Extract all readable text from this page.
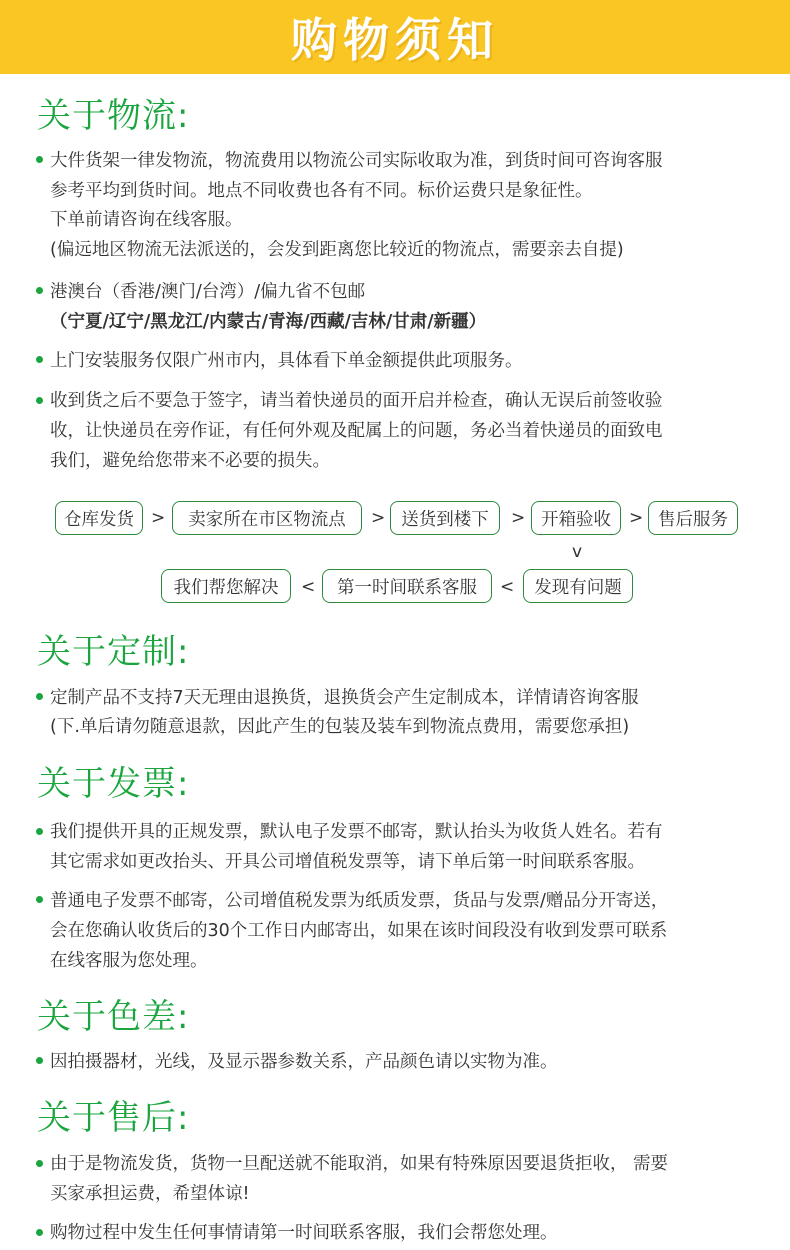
购物须知
关于物流:
大件货架一律发物流，物流费用以物流公司实际收取为准，到货时间可咨询客服
参考平均到货时间。地点不同收费也各有不同。标价运费只是象征性。
下单前请咨询在线客服。
(偏远地区物流无法派送的，会发到距离您比较近的物流点，需要亲去自提)
港澳台（香港/澳门/台湾）/偏九省不包邮
（宁夏/辽宁/黑龙江/内蒙古/青海/西藏/吉林/甘肃/新疆）
上门安装服务仅限广州市内，具体看下单金额提供此项服务。
收到货之后不要急于签字，请当着快递员的面开启并检查，确认无误后前签收验
收，让快递员在旁作证，有任何外观及配属上的问题，务必当着快递员的面致电
我们，避免给您带来不必要的损失。
仓库发货	>	卖家所在市区物流点	> 送货到楼下	> 开箱验收	> 售后服务
v
我们帮您解决	<	第一时间联系客服	<	发现有问题
关于定制:
定制产品不支持7天无理由退换货，退换货会产生定制成本，详情请咨询客服
(下.单后请勿随意退款，因此产生的包装及装车到物流点费用，需要您承担)
关于发票:
我们提供开具的正规发票，默认电子发票不邮寄，默认抬头为收货人姓名。若有
其它需求如更改抬头、开具公司增值税发票等，请下单后第一时间联系客服。
普通电子发票不邮寄，公司增值税发票为纸质发票，货品与发票/赠品分开寄送，
会在您确认收货后的30个工作日内邮寄出，如果在该时间段没有收到发票可联系
在线客服为您处理。
关于色差:
因拍摄器材，光线，及显示器参数关系，产品颜色请以实物为准。
关于售后:
由于是物流发货，货物一旦配送就不能取消，如果有特殊原因要退货拒收， 需要
买家承担运费，希望体谅!
购物过程中发生任何事情请第一时间联系客服，我们会帮您处理。
